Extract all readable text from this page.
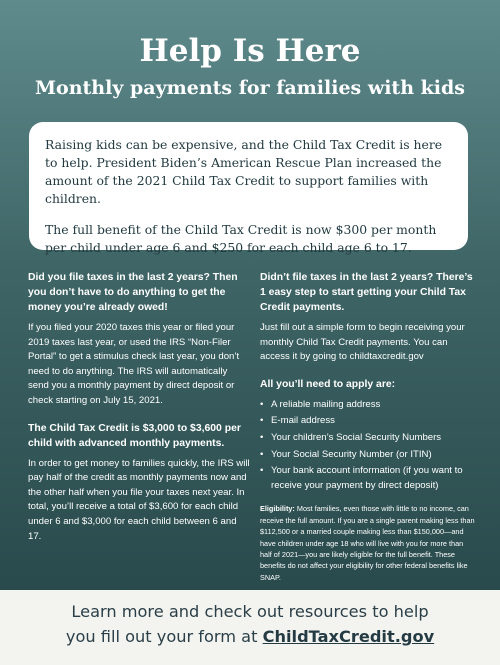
Help Is Here
Monthly payments for families with kids

Raising kids can be expensive, and the Child Tax Credit is here to help. President Biden’s American Rescue Plan increased the amount of the 2021 Child Tax Credit to support families with children.

The full benefit of the Child Tax Credit is now $300 per month per child under age 6 and $250 for each child age 6 to 17.

Did you file taxes in the last 2 years? Then you don’t have to do anything to get the money you’re already owed!

If you filed your 2020 taxes this year or filed your 2019 taxes last year, or used the IRS “Non-Filer Portal” to get a stimulus check last year, you don’t need to do anything. The IRS will automatically send you a monthly payment by direct deposit or check starting on July 15, 2021.

The Child Tax Credit is $3,000 to $3,600 per child with advanced monthly payments.

In order to get money to families quickly, the IRS will pay half of the credit as monthly payments now and the other half when you file your taxes next year. In total, you’ll receive a total of $3,600 for each child under 6 and $3,000 for each child between 6 and 17.

Didn’t file taxes in the last 2 years? There’s 1 easy step to start getting your Child Tax Credit payments.

Just fill out a simple form to begin receiving your monthly Child Tax Credit payments. You can access it by going to childtaxcredit.gov

All you’ll need to apply are:
• A reliable mailing address
• E-mail address
• Your children’s Social Security Numbers
• Your Social Security Number (or ITIN)
• Your bank account information (if you want to receive your payment by direct deposit)

Eligibility: Most families, even those with little to no income, can receive the full amount. If you are a single parent making less than $112,500 or a married couple making less than $150,000—and have children under age 18 who will live with you for more than half of 2021—you are likely eligible for the full benefit. These benefits do not affect your eligibility for other federal benefits like SNAP.

Learn more and check out resources to help
you fill out your form at ChildTaxCredit.gov
